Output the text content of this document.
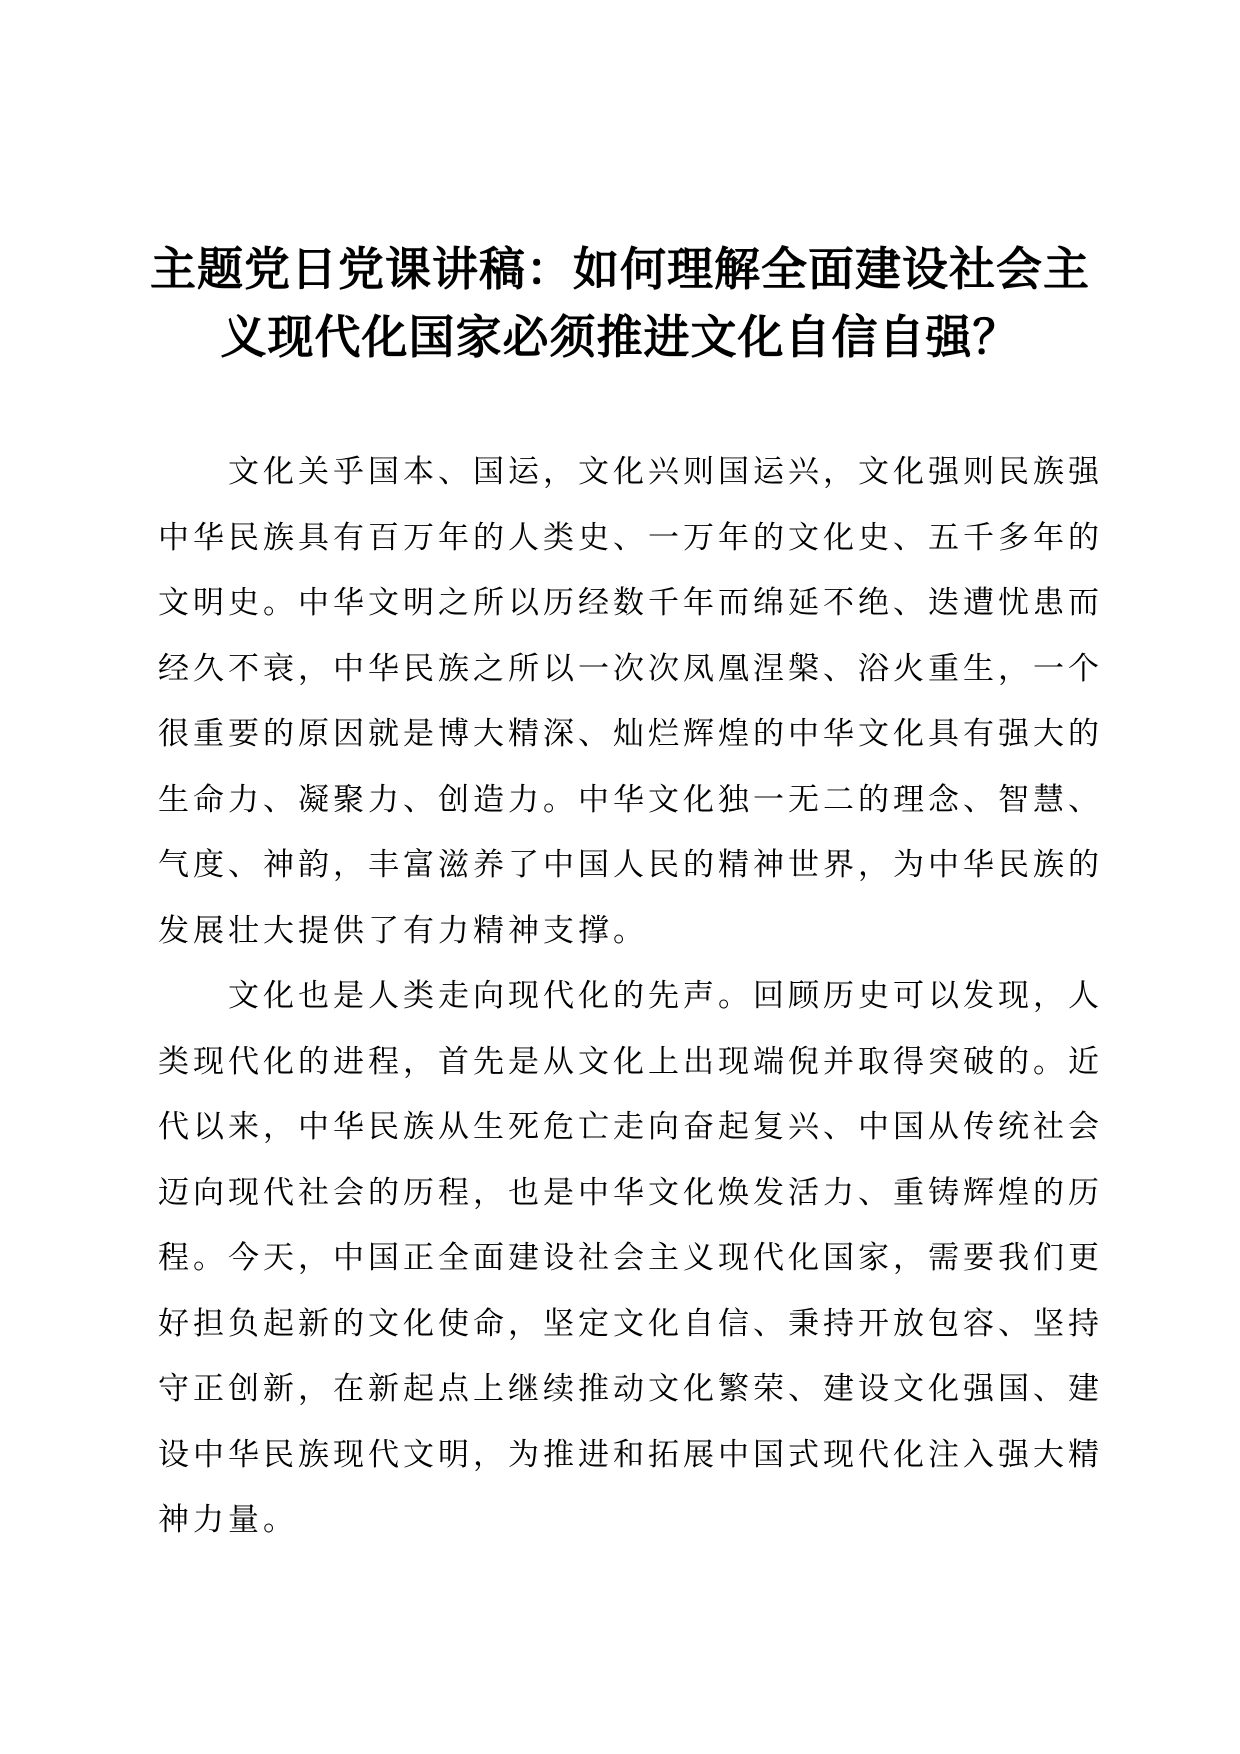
主题党日党课讲稿：如何理解全面建设社会主
义现代化国家必须推进文化自信自强？

文化关乎国本、国运，文化兴则国运兴，文化强则民族强
中华民族具有百万年的人类史、一万年的文化史、五千多年的
文明史。中华文明之所以历经数千年而绵延不绝、迭遭忧患而
经久不衰，中华民族之所以一次次凤凰涅槃、浴火重生，一个
很重要的原因就是博大精深、灿烂辉煌的中华文化具有强大的
生命力、凝聚力、创造力。中华文化独一无二的理念、智慧、
气度、神韵，丰富滋养了中国人民的精神世界，为中华民族的
发展壮大提供了有力精神支撑。

文化也是人类走向现代化的先声。回顾历史可以发现，人
类现代化的进程，首先是从文化上出现端倪并取得突破的。近
代以来，中华民族从生死危亡走向奋起复兴、中国从传统社会
迈向现代社会的历程，也是中华文化焕发活力、重铸辉煌的历
程。今天，中国正全面建设社会主义现代化国家，需要我们更
好担负起新的文化使命，坚定文化自信、秉持开放包容、坚持
守正创新，在新起点上继续推动文化繁荣、建设文化强国、建
设中华民族现代文明，为推进和拓展中国式现代化注入强大精
神力量。
